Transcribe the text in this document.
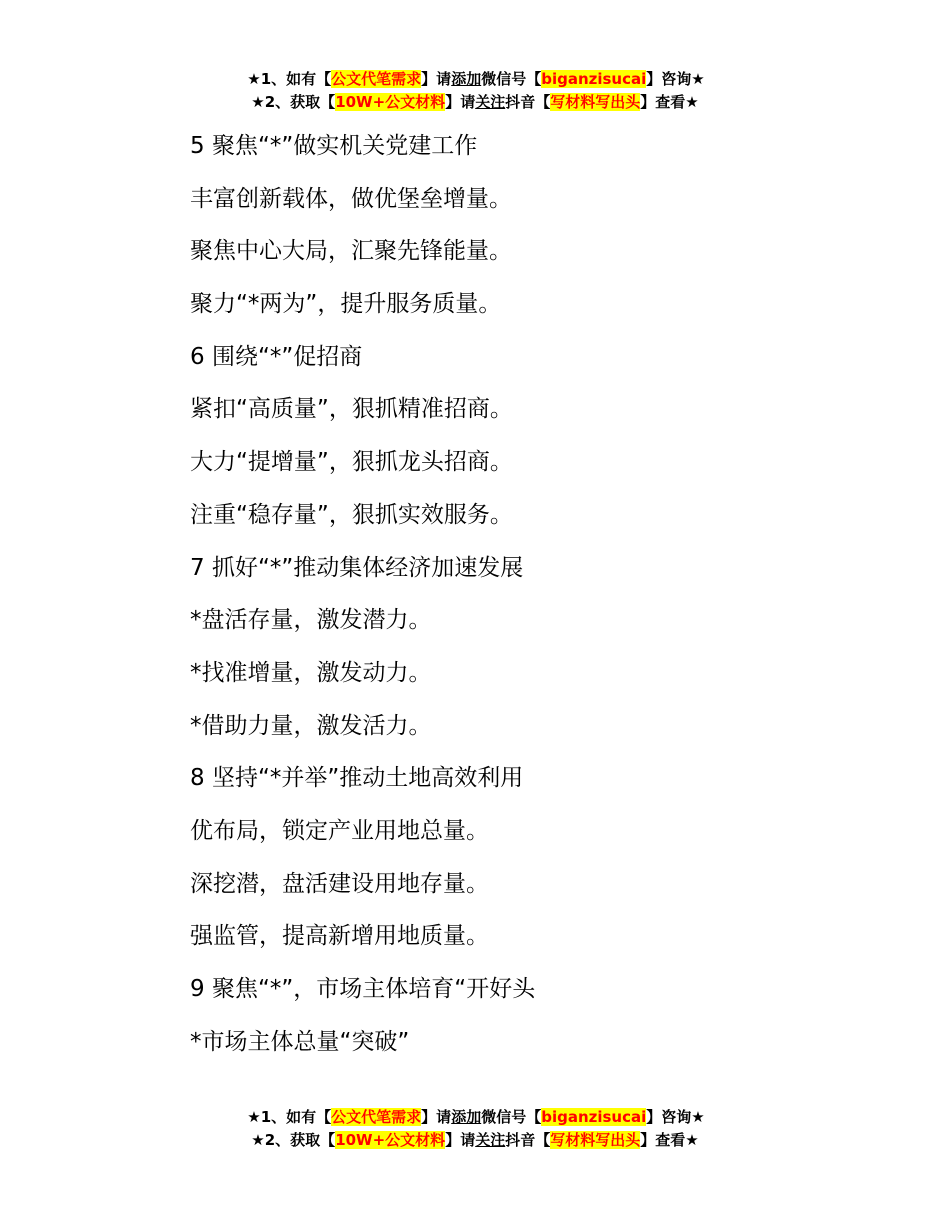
★1、如有【公文代笔需求】请添加微信号【biganzisucai】咨询★
★2、获取【10W+公文材料】请关注抖音【写材料写出头】查看★

5 聚焦“*”做实机关党建工作

丰富创新载体，做优堡垒增量。

聚焦中心大局，汇聚先锋能量。

聚力“*两为”，提升服务质量。

6 围绕“*”促招商

紧扣“高质量”，狠抓精准招商。

大力“提增量”，狠抓龙头招商。

注重“稳存量”，狠抓实效服务。

7 抓好“*”推动集体经济加速发展

*盘活存量，激发潜力。

*找准增量，激发动力。

*借助力量，激发活力。

8 坚持“*并举”推动土地高效利用

优布局，锁定产业用地总量。

深挖潜，盘活建设用地存量。

强监管，提高新增用地质量。

9 聚焦“*”，市场主体培育“开好头

*市场主体总量“突破”

★1、如有【公文代笔需求】请添加微信号【biganzisucai】咨询★
★2、获取【10W+公文材料】请关注抖音【写材料写出头】查看★
